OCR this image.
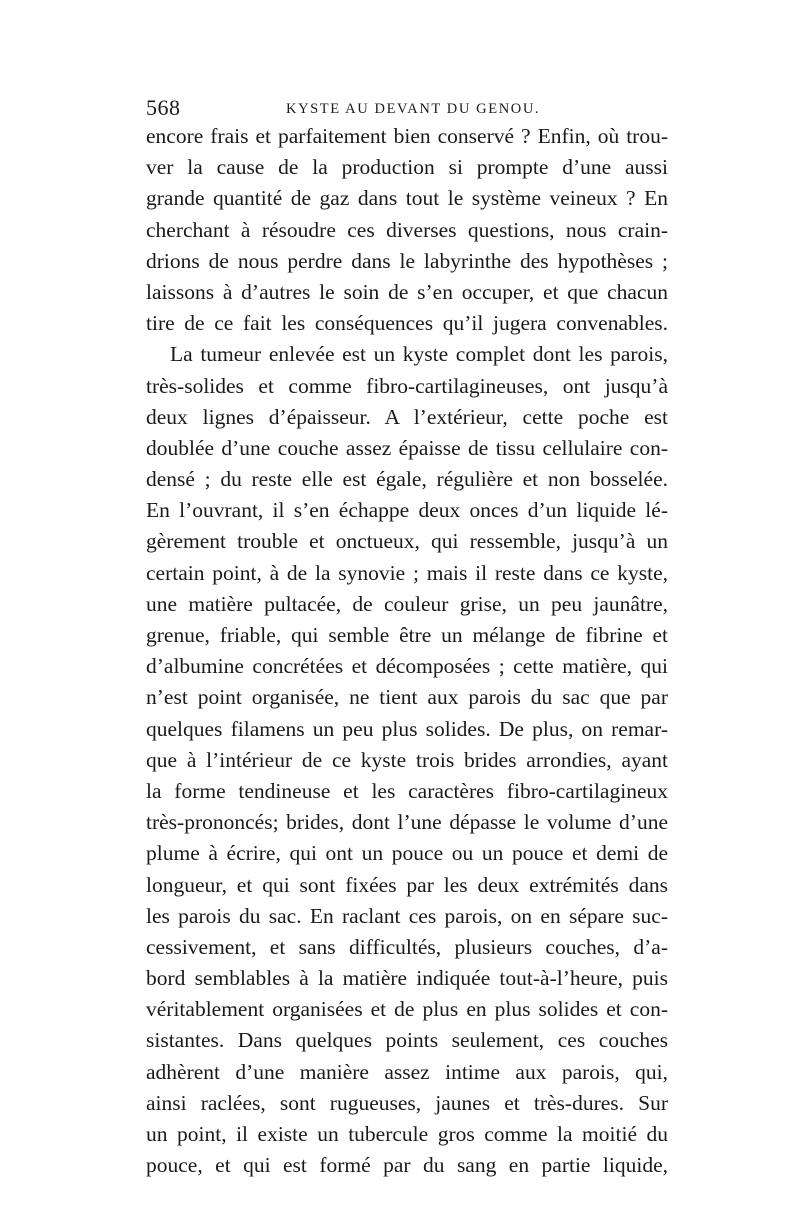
568	KYSTE AU DEVANT DU GENOU.
encore frais et parfaitement bien conservé ? Enfin, où trou-
ver la cause de la production si prompte d’une aussi
grande quantité de gaz dans tout le système veineux ? En
cherchant à résoudre ces diverses questions, nous crain-
drions de nous perdre dans le labyrinthe des hypothèses ;
laissons à d’autres le soin de s’en occuper, et que chacun
tire de ce fait les conséquences qu’il jugera convenables.
La tumeur enlevée est un kyste complet dont les parois,
très-solides et comme fibro-cartilagineuses, ont jusqu’à
deux lignes d’épaisseur. A l’extérieur, cette poche est
doublée d’une couche assez épaisse de tissu cellulaire con-
densé ; du reste elle est égale, régulière et non bosselée.
En l’ouvrant, il s’en échappe deux onces d’un liquide lé-
gèrement trouble et onctueux, qui ressemble, jusqu’à un
certain point, à de la synovie ; mais il reste dans ce kyste,
une matière pultacée, de couleur grise, un peu jaunâtre,
grenue, friable, qui semble être un mélange de fibrine et
d’albumine concrétées et décomposées ; cette matière, qui
n’est point organisée, ne tient aux parois du sac que par
quelques filamens un peu plus solides. De plus, on remar-
que à l’intérieur de ce kyste trois brides arrondies, ayant
la forme tendineuse et les caractères fibro-cartilagineux
très-prononcés; brides, dont l’une dépasse le volume d’une
plume à écrire, qui ont un pouce ou un pouce et demi de
longueur, et qui sont fixées par les deux extrémités dans
les parois du sac. En raclant ces parois, on en sépare suc-
cessivement, et sans difficultés, plusieurs couches, d’a-
bord semblables à la matière indiquée tout-à-l’heure, puis
véritablement organisées et de plus en plus solides et con-
sistantes. Dans quelques points seulement, ces couches
adhèrent d’une manière assez intime aux parois, qui,
ainsi raclées, sont rugueuses, jaunes et très-dures. Sur
un point, il existe un tubercule gros comme la moitié du
pouce, et qui est formé par du sang en partie liquide,
